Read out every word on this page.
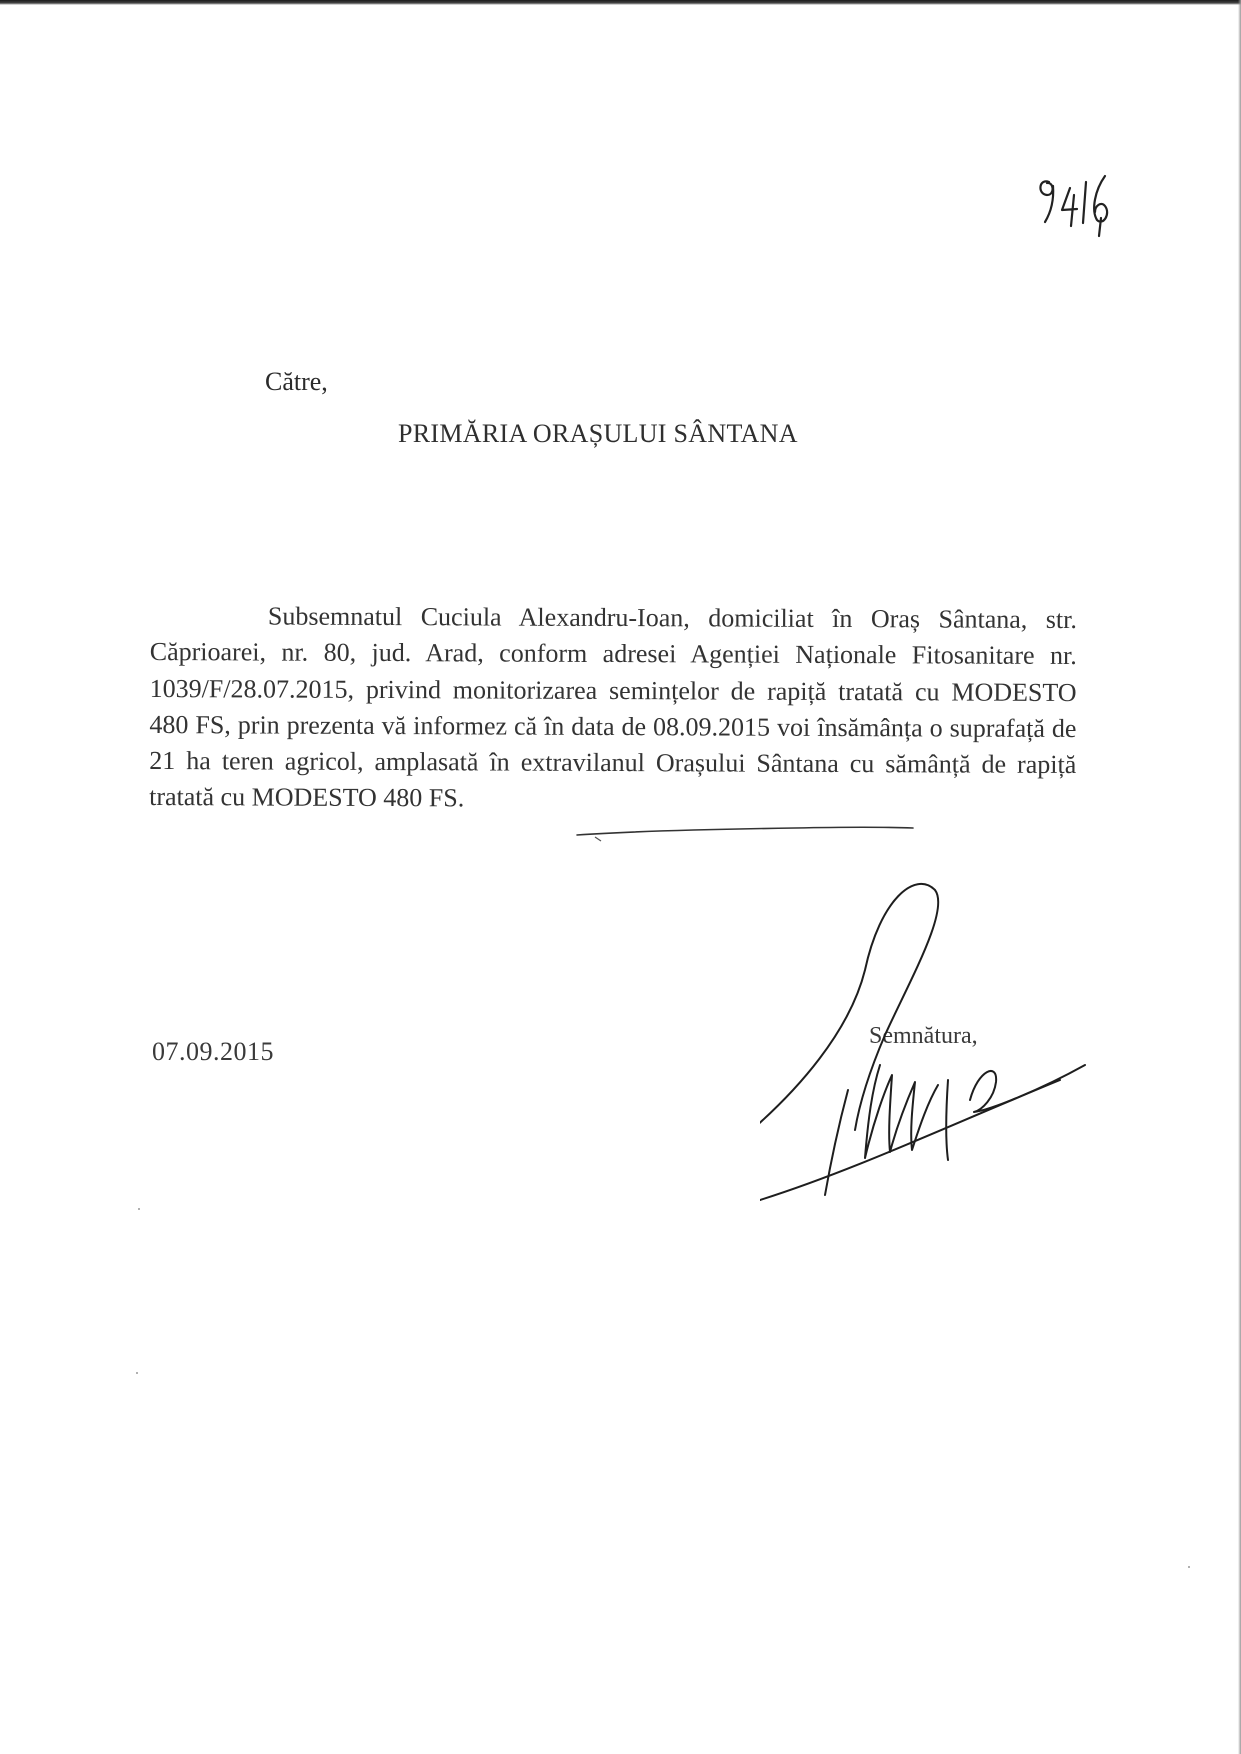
Către,
PRIMĂRIA ORAȘULUI SÂNTANA
Subsemnatul Cuciula Alexandru-Ioan, domiciliat în Oraș Sântana, str. Căprioarei, nr. 80, jud. Arad, conform adresei Agenției Naționale Fitosanitare nr. 1039/F/28.07.2015, privind monitorizarea semințelor de rapiță tratată cu MODESTO 480 FS, prin prezenta vă informez că în data de 08.09.2015 voi însămânța o suprafață de 21 ha teren agricol, amplasată în extravilanul Orașului Sântana cu sămânță de rapiță tratată cu MODESTO 480 FS.
07.09.2015
Semnătura,
